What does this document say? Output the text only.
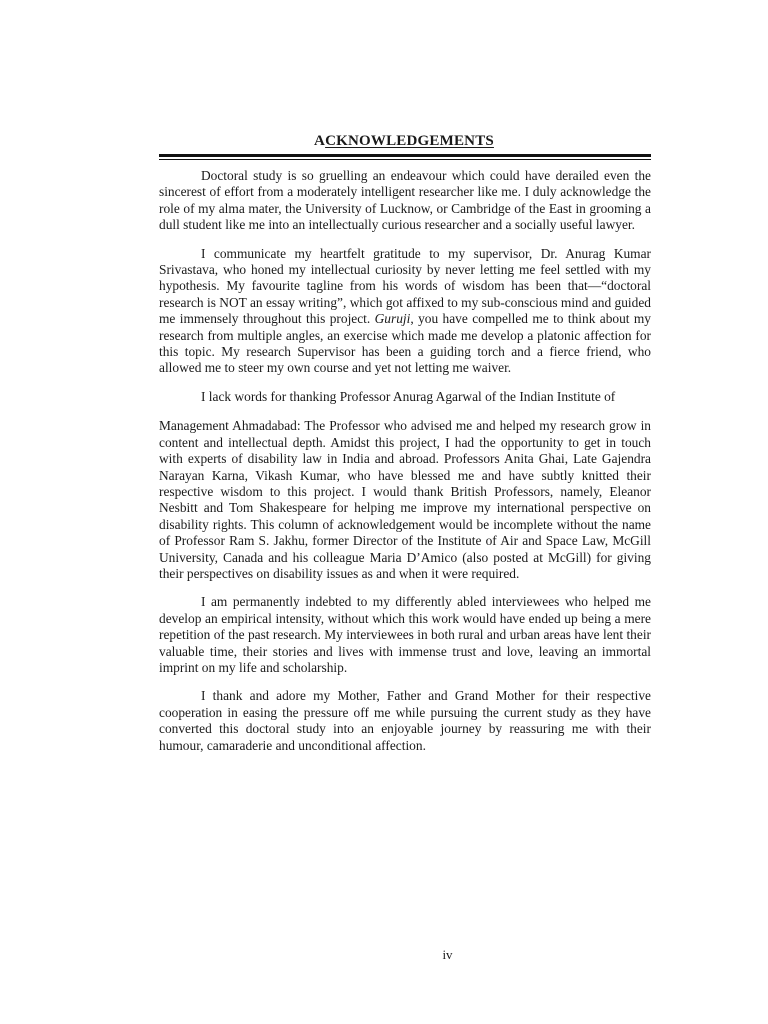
ACKNOWLEDGEMENTS

Doctoral study is so gruelling an endeavour which could have derailed even the sincerest of effort from a moderately intelligent researcher like me. I duly acknowledge the role of my alma mater, the University of Lucknow, or Cambridge of the East in grooming a dull student like me into an intellectually curious researcher and a socially useful lawyer.

I communicate my heartfelt gratitude to my supervisor, Dr. Anurag Kumar Srivastava, who honed my intellectual curiosity by never letting me feel settled with my hypothesis. My favourite tagline from his words of wisdom has been that—“doctoral research is NOT an essay writing”, which got affixed to my sub-conscious mind and guided me immensely throughout this project. Guruji, you have compelled me to think about my research from multiple angles, an exercise which made me develop a platonic affection for this topic. My research Supervisor has been a guiding torch and a fierce friend, who allowed me to steer my own course and yet not letting me waiver.

I lack words for thanking Professor Anurag Agarwal of the Indian Institute of

Management Ahmadabad: The Professor who advised me and helped my research grow in content and intellectual depth. Amidst this project, I had the opportunity to get in touch with experts of disability law in India and abroad. Professors Anita Ghai, Late Gajendra Narayan Karna, Vikash Kumar, who have blessed me and have subtly knitted their respective wisdom to this project. I would thank British Professors, namely, Eleanor Nesbitt and Tom Shakespeare for helping me improve my international perspective on disability rights. This column of acknowledgement would be incomplete without the name of Professor Ram S. Jakhu, former Director of the Institute of Air and Space Law, McGill University, Canada and his colleague Maria D’Amico (also posted at McGill) for giving their perspectives on disability issues as and when it were required.

I am permanently indebted to my differently abled interviewees who helped me develop an empirical intensity, without which this work would have ended up being a mere repetition of the past research. My interviewees in both rural and urban areas have lent their valuable time, their stories and lives with immense trust and love, leaving an immortal imprint on my life and scholarship.

I thank and adore my Mother, Father and Grand Mother for their respective cooperation in easing the pressure off me while pursuing the current study as they have converted this doctoral study into an enjoyable journey by reassuring me with their humour, camaraderie and unconditional affection.

iv
